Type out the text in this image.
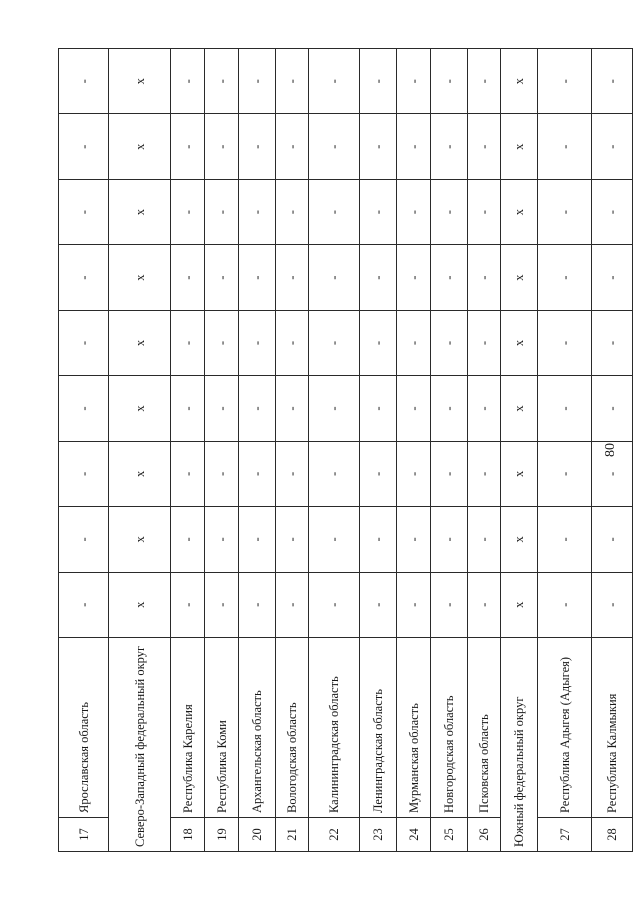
80
17	Ярославская область	-	-	-	-	-	-	-	-	-
Северо-Западный федеральный округ		х	х	х	х	х	х	х	х	х
18	Республика Карелия	-	-	-	-	-	-	-	-	-
19	Республика Коми	-	-	-	-	-	-	-	-	-
20	Архангельская область	-	-	-	-	-	-	-	-	-
21	Вологодская область	-	-	-	-	-	-	-	-	-
22	Калининградская область	-	-	-	-	-	-	-	-	-
23	Ленинградская область	-	-	-	-	-	-	-	-	-
24	Мурманская область	-	-	-	-	-	-	-	-	-
25	Новгородская область	-	-	-	-	-	-	-	-	-
26	Псковская область	-	-	-	-	-	-	-	-	-
Южный федеральный округ		х	х	х	х	х	х	х	х	х
27	Республика Адыгея (Адыгея)	-	-	-	-	-	-	-	-	-
28	Республика Калмыкия	-	-	-	-	-	-	-	-	-
